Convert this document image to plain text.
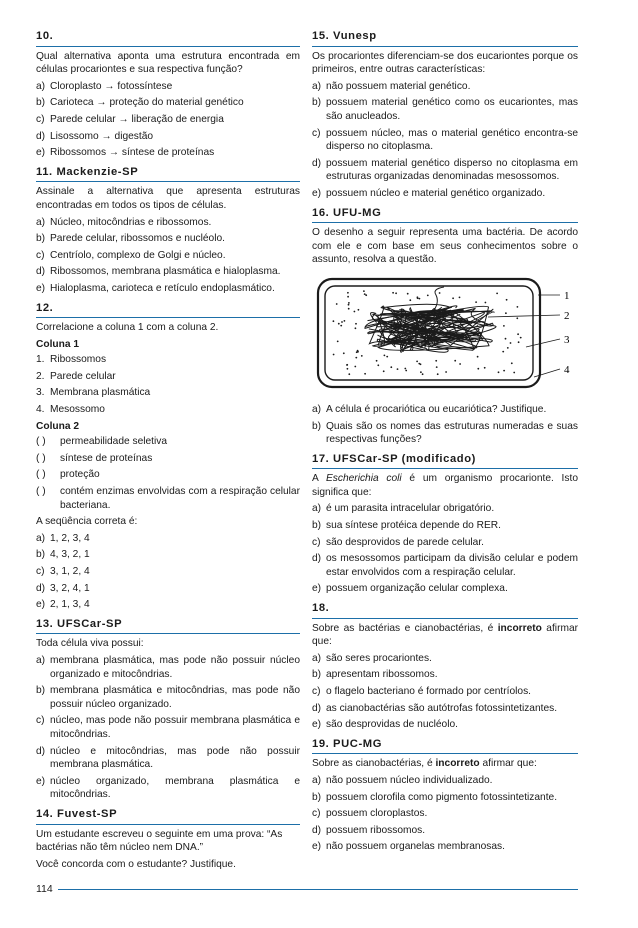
10.
Qual alternativa aponta uma estrutura encontrada em células procariontes e sua respectiva função?
a) Cloroplasto → fotossíntese
b) Carioteca → proteção do material genético
c) Parede celular → liberação de energia
d) Lisossomo → digestão
e) Ribossomos → síntese de proteínas
11. Mackenzie-SP
Assinale a alternativa que apresenta estruturas encontradas em todos os tipos de células.
a) Núcleo, mitocôndrias e ribossomos.
b) Parede celular, ribossomos e nucléolo.
c) Centríolo, complexo de Golgi e núcleo.
d) Ribossomos, membrana plasmática e hialoplasma.
e) Hialoplasma, carioteca e retículo endoplasmático.
12.
Correlacione a coluna 1 com a coluna 2.
Coluna 1
1. Ribossomos
2. Parede celular
3. Membrana plasmática
4. Mesossomo
Coluna 2
( )	permeabilidade seletiva
( )	síntese de proteínas
( )	proteção
( )	contém enzimas envolvidas com a respiração celular bacteriana.
A seqüência correta é:
a) 1, 2, 3, 4
b) 4, 3, 2, 1
c) 3, 1, 2, 4
d) 3, 2, 4, 1
e) 2, 1, 3, 4
13. UFSCar-SP
Toda célula viva possui:
a) membrana plasmática, mas pode não possuir núcleo organizado e mitocôndrias.
b) membrana plasmática e mitocôndrias, mas pode não possuir núcleo organizado.
c) núcleo, mas pode não possuir membrana plasmática e mitocôndrias.
d) núcleo e mitocôndrias, mas pode não possuir membrana plasmática.
e) núcleo organizado, membrana plasmática e mitocôndrias.
14. Fuvest-SP
Um estudante escreveu o seguinte em uma prova: “As bactérias não têm núcleo nem DNA.”
Você concorda com o estudante? Justifique.
15. Vunesp
Os procariontes diferenciam-se dos eucariontes porque os primeiros, entre outras características:
a) não possuem material genético.
b) possuem material genético como os eucariontes, mas são anucleados.
c) possuem núcleo, mas o material genético encontra-se disperso no citoplasma.
d) possuem material genético disperso no citoplasma em estruturas organizadas denominadas mesossomos.
e) possuem núcleo e material genético organizado.
16. UFU-MG
O desenho a seguir representa uma bactéria. De acordo com ele e com base em seus conhecimentos sobre o assunto, resolva a questão.
1
2
3
4
a) A célula é procariótica ou eucariótica? Justifique.
b) Quais são os nomes das estruturas numeradas e suas respectivas funções?
17. UFSCar-SP (modificado)
A Escherichia coli é um organismo procarionte. Isto significa que:
a) é um parasita intracelular obrigatório.
b) sua síntese protéica depende do RER.
c) são desprovidos de parede celular.
d) os mesossomos participam da divisão celular e podem estar envolvidos com a respiração celular.
e) possuem organização celular complexa.
18.
Sobre as bactérias e cianobactérias, é incorreto afirmar que:
a) são seres procariontes.
b) apresentam ribossomos.
c) o flagelo bacteriano é formado por centríolos.
d) as cianobactérias são autótrofas fotossintetizantes.
e) são desprovidas de nucléolo.
19. PUC-MG
Sobre as cianobactérias, é incorreto afirmar que:
a) não possuem núcleo individualizado.
b) possuem clorofila como pigmento fotossintetizante.
c) possuem cloroplastos.
d) possuem ribossomos.
e) não possuem organelas membranosas.
114
